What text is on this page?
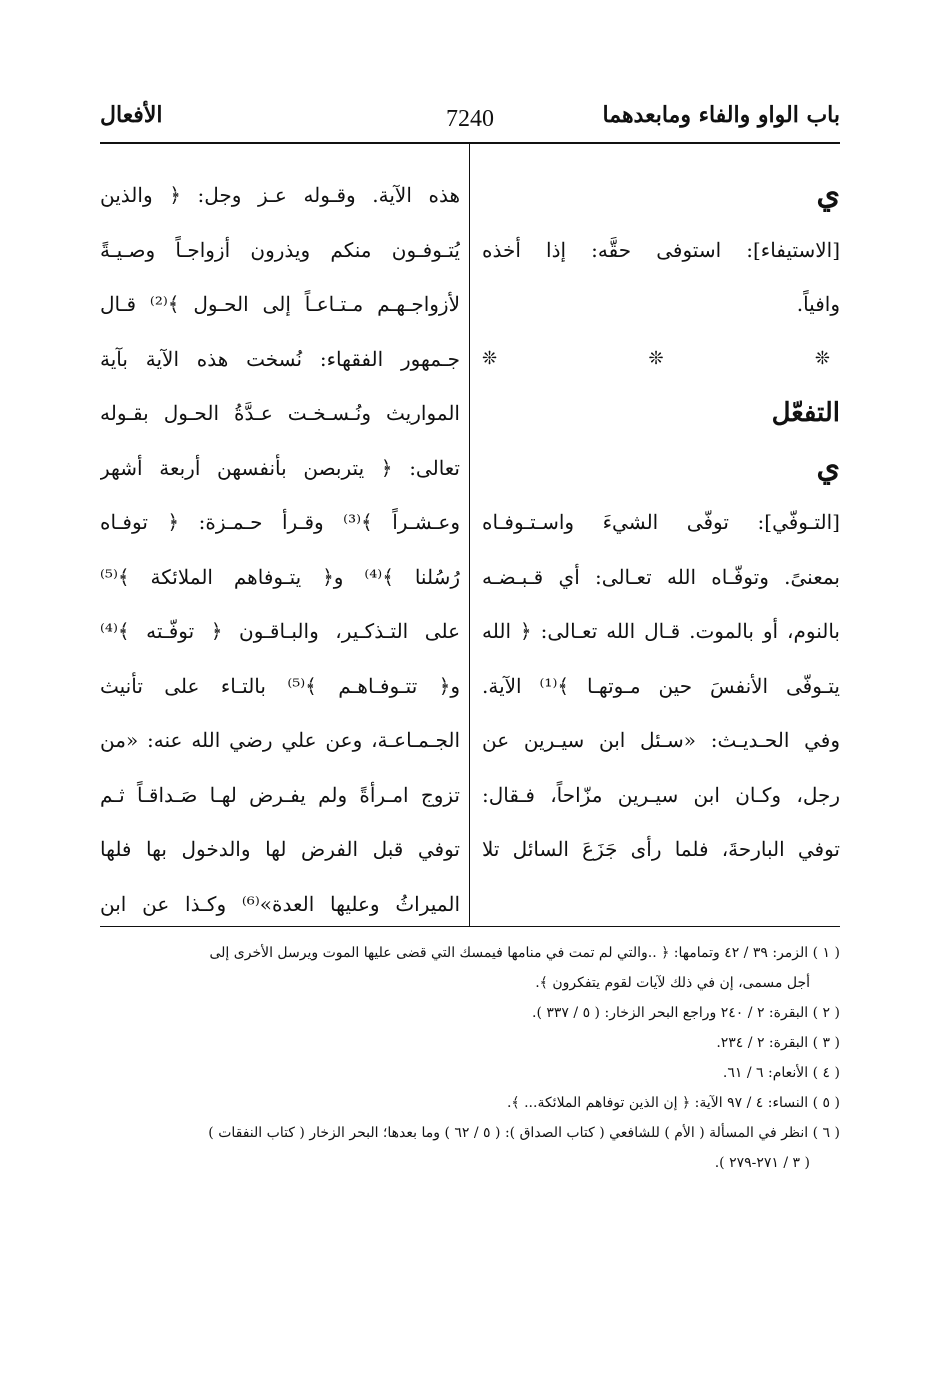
باب الواو والفاء ومابعدهما
7240
الأفعال
ي
[الاستيفاء]: استوفى حقَّه: إذا أخذه
وافياً.
❊ ❊ ❊
التفعّل
ي
[التـوفّي]: توفّى الشيءَ واسـتـوفـاه
بمعنىً. وتوفّـاه الله تعـالى: أي قـبـضـه
بالنوم، أو بالموت. قـال الله تعـالى: ﴿ الله
يتـوفّى الأنفسَ حين مـوتهـا ﴾⁽¹⁾ الآية.
وفي الحـديـث: «سـئل ابن سيـرين عن
رجل، وكـان ابن سيـرين مزّاحاً، فـقال:
توفي البارحةَ، فلما رأى جَزَعَ السائل تلا
هذه الآية. وقـوله عـز وجل: ﴿ والذين
يُتـوفـون منكم ويذرون أزواجـاً وصـيـةً
لأزواجـهـم مـتـاعـاً إلى الحـول ﴾⁽²⁾ قـال
جـمهور الفقهاء: نُسخت هذه الآية بآية
المواريث ونُـسـخـت عـدَّةُ الحـول بقـوله
تعالى: ﴿ يتربصن بأنفسهن أربعة أشهر
وعـشـراً ﴾⁽³⁾ وقـرأ حـمـزة: ﴿ توفـاه
رُسُلنا ﴾⁽⁴⁾ و﴿ يتـوفاهم الملائكة ﴾⁽⁵⁾
على التـذكـير، والبـاقـون ﴿ توفّـته ﴾⁽⁴⁾
و﴿ تتـوفـاهـم ﴾⁽⁵⁾ بالتـاء على تأنيث
الجـمـاعـة، وعن علي رضي الله عنه: «من
تزوج امـرأةً ولم يفـرض لهـا صَـداقـاً ثـم
توفي قبل الفرض لها والدخول بها فلها
الميراثُ وعليها العدة»⁽⁶⁾ وكـذا عن ابن
( ١ ) الزمر: ٣٩ / ٤٢ وتمامها: ﴿ ..والتي لم تمت في منامها فيمسك التي قضى عليها الموت ويرسل الأخرى إلى
أجل مسمى، إن في ذلك لآيات لقوم يتفكرون ﴾.
( ٢ ) البقرة: ٢ / ٢٤٠ وراجع البحر الزخار: ( ٥ / ٣٣٧ ).
( ٣ ) البقرة: ٢ / ٢٣٤.
( ٤ ) الأنعام: ٦ / ٦١.
( ٥ ) النساء: ٤ / ٩٧ الآية: ﴿ إن الذين توفاهم الملائكة... ﴾.
( ٦ ) انظر في المسألة ( الأم ) للشافعي ( كتاب الصداق ): ( ٥ / ٦٢ ) وما بعدها؛ البحر الزخار ( كتاب النفقات )
( ٣ / ٢٧١-٢٧٩ ).
